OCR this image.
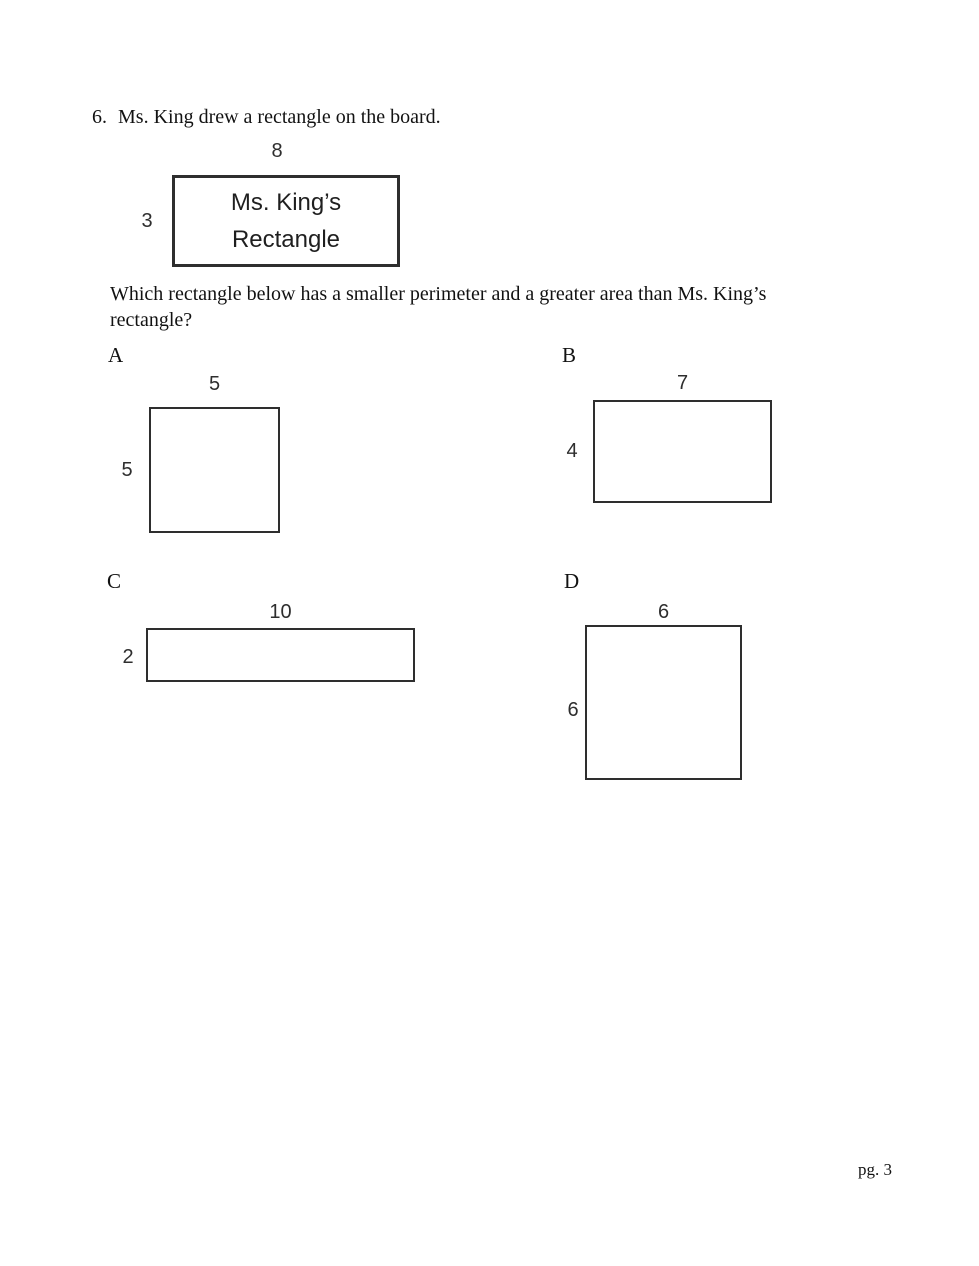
6. Ms. King drew a rectangle on the board.
8
3
Ms. King’s
Rectangle
Which rectangle below has a smaller perimeter and a greater area than Ms. King’s
rectangle?
A
5
5
B
7
4
C
10
2
D
6
6
pg. 3
